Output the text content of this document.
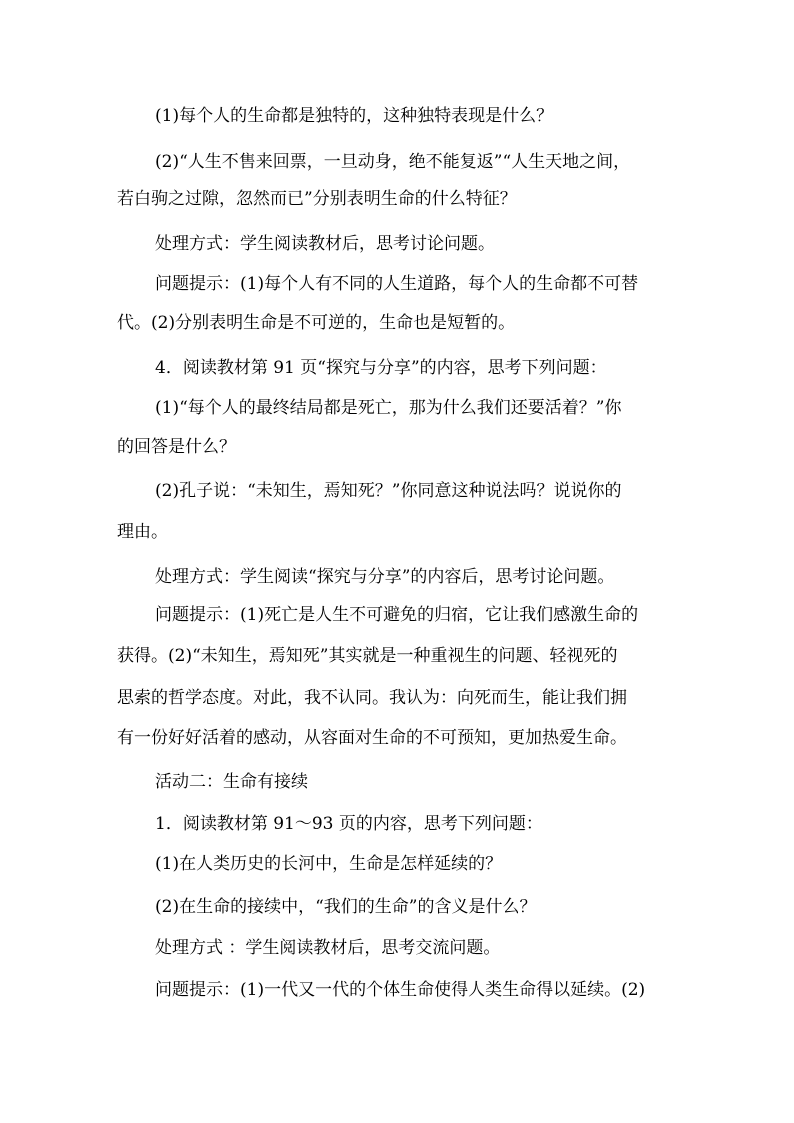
(1)每个人的生命都是独特的，这种独特表现是什么？
(2)“人生不售来回票，一旦动身，绝不能复返”“人生天地之间，
若白驹之过隙，忽然而已”分别表明生命的什么特征？
处理方式：学生阅读教材后，思考讨论问题。
问题提示：(1)每个人有不同的人生道路，每个人的生命都不可替
代。(2)分别表明生命是不可逆的，生命也是短暂的。
4．阅读教材第 91 页“探究与分享”的内容，思考下列问题：
(1)“每个人的最终结局都是死亡，那为什么我们还要活着？”你
的回答是什么？
(2)孔子说：“未知生，焉知死？”你同意这种说法吗？说说你的
理由。
处理方式：学生阅读“探究与分享”的内容后，思考讨论问题。
问题提示：(1)死亡是人生不可避免的归宿，它让我们感激生命的
获得。(2)“未知生，焉知死”其实就是一种重视生的问题、轻视死的
思索的哲学态度。对此，我不认同。我认为：向死而生，能让我们拥
有一份好好活着的感动，从容面对生命的不可预知，更加热爱生命。
活动二：生命有接续
1．阅读教材第 91～93 页的内容，思考下列问题：
(1)在人类历史的长河中，生命是怎样延续的？
(2)在生命的接续中，“我们的生命”的含义是什么？
处理方式 ：学生阅读教材后，思考交流问题。
问题提示：(1)一代又一代的个体生命使得人类生命得以延续。(2)
